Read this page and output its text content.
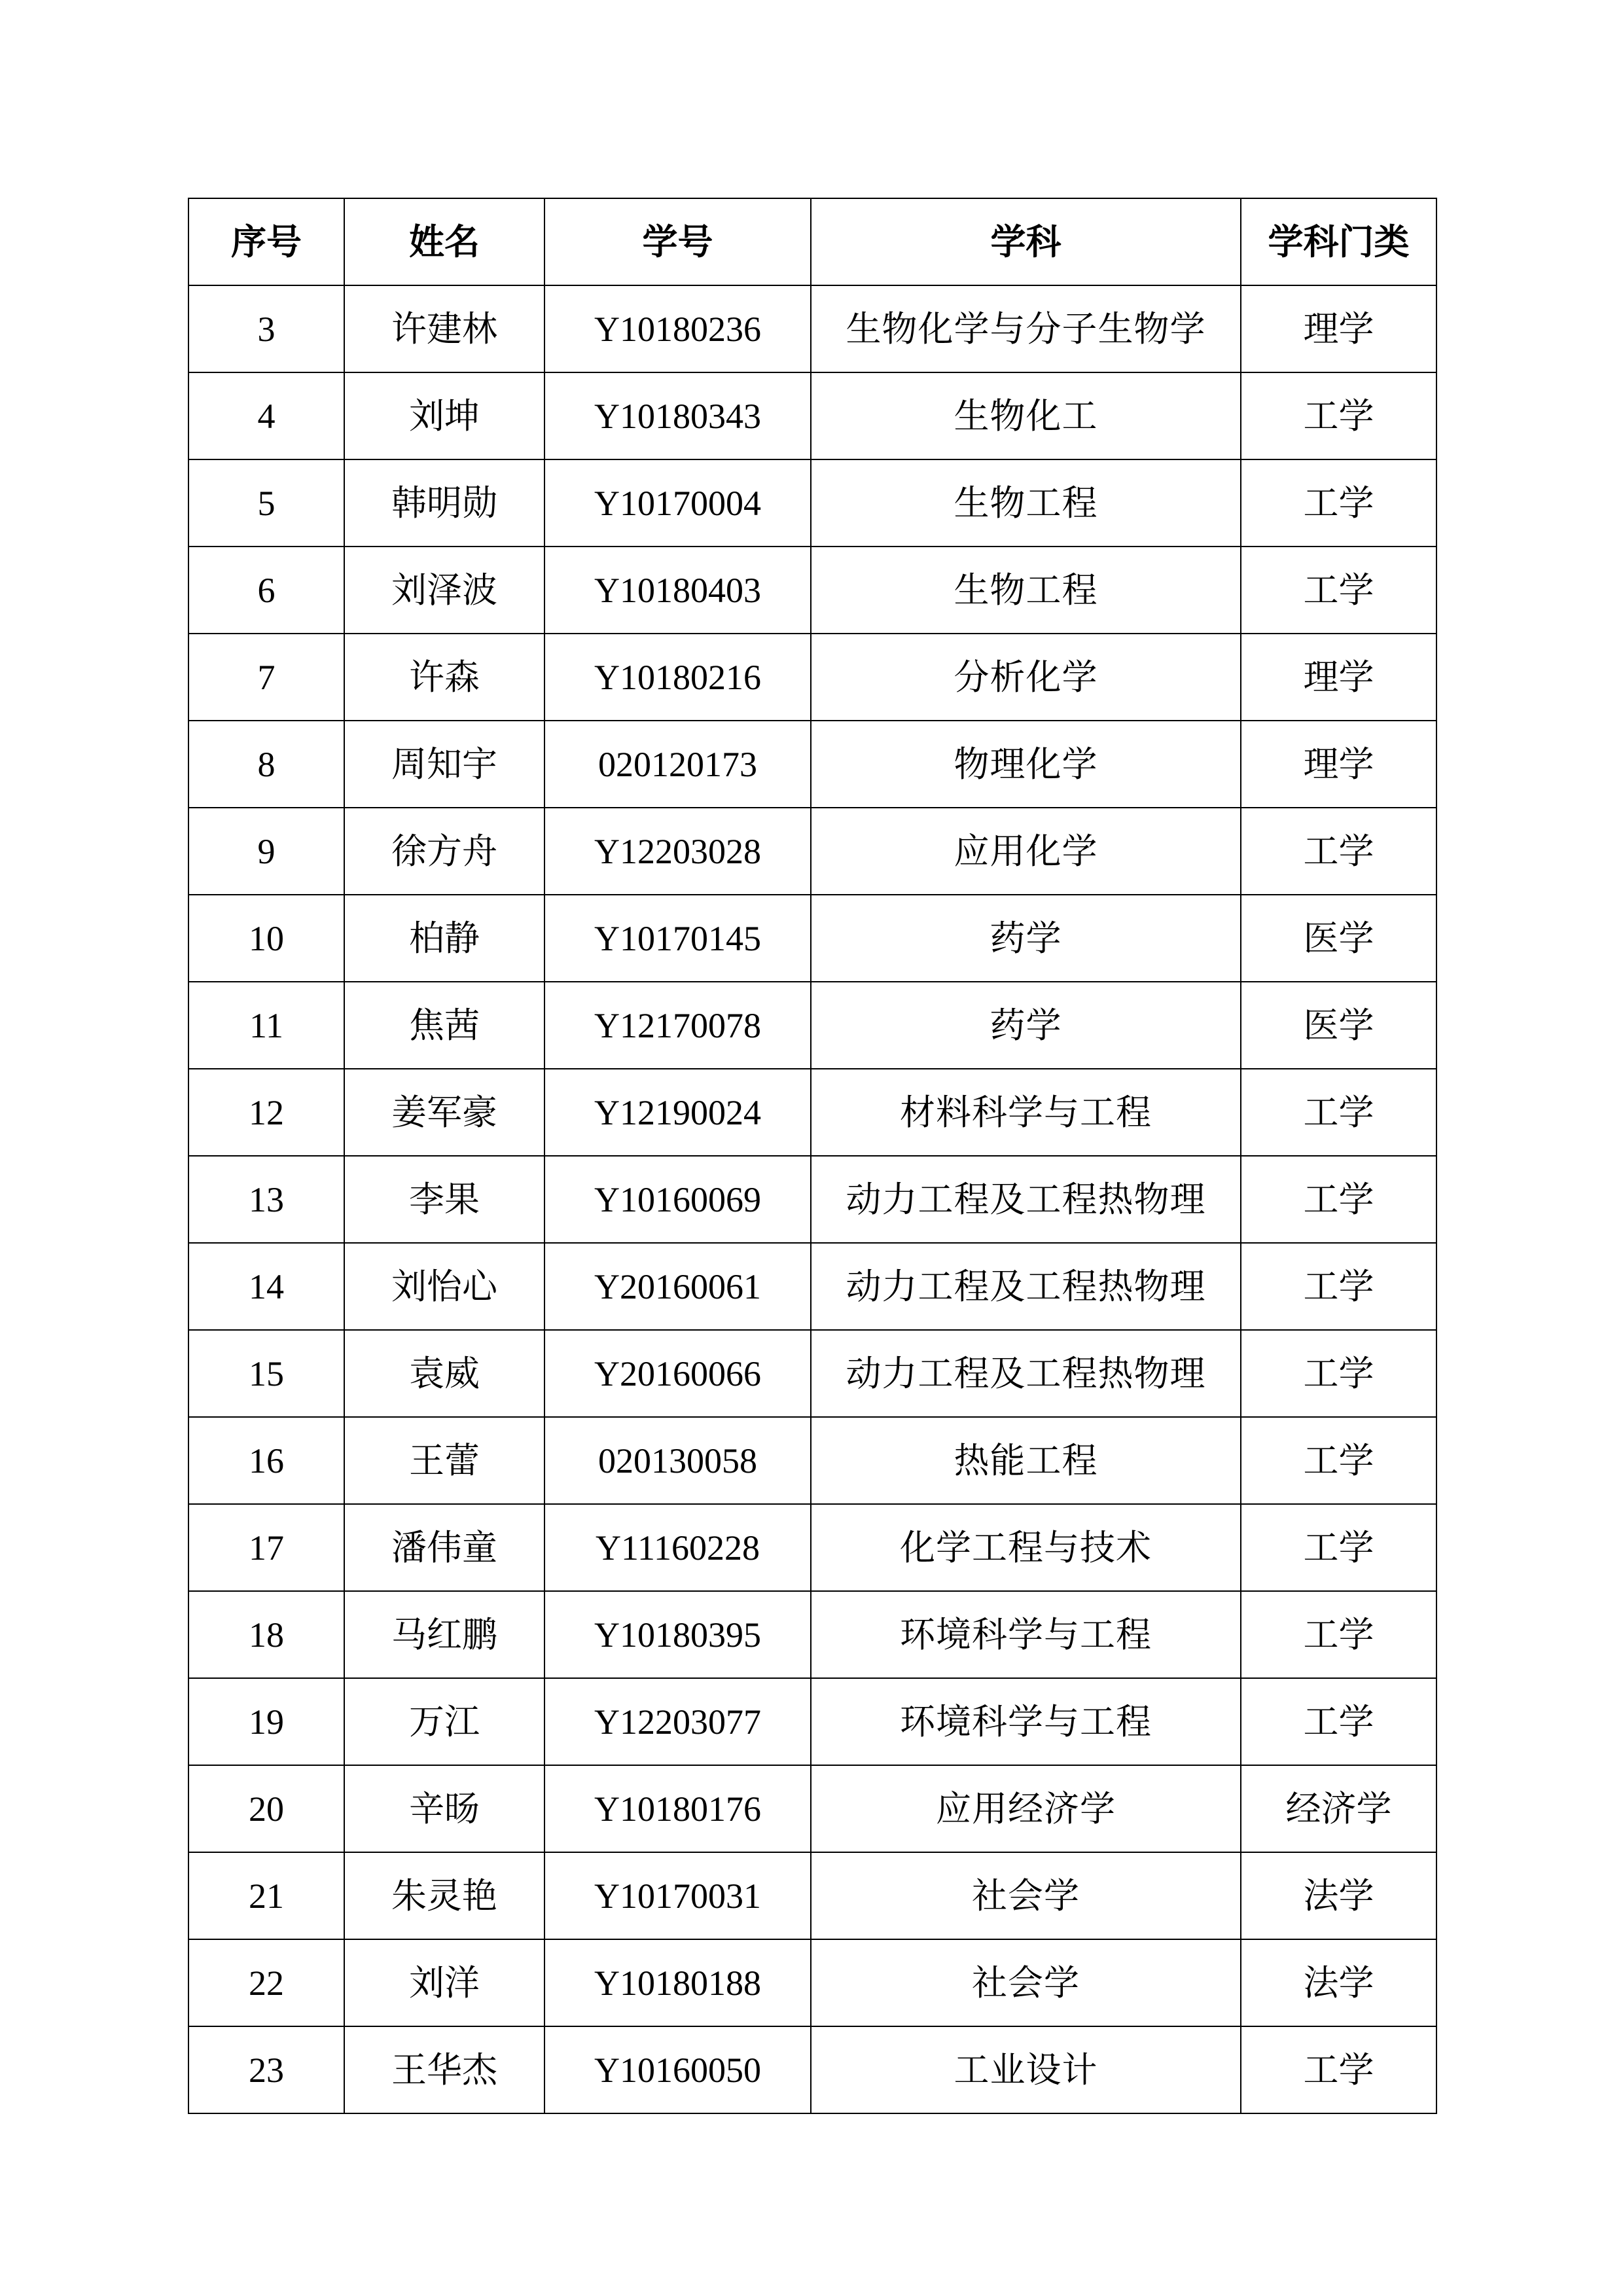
序号	姓名	学号	学科	学科门类
3	许建林	Y10180236	生物化学与分子生物学	理学
4	刘坤	Y10180343	生物化工	工学
5	韩明勋	Y10170004	生物工程	工学
6	刘泽波	Y10180403	生物工程	工学
7	许森	Y10180216	分析化学	理学
8	周知宇	020120173	物理化学	理学
9	徐方舟	Y12203028	应用化学	工学
10	柏静	Y10170145	药学	医学
11	焦茜	Y12170078	药学	医学
12	姜军豪	Y12190024	材料科学与工程	工学
13	李果	Y10160069	动力工程及工程热物理	工学
14	刘怡心	Y20160061	动力工程及工程热物理	工学
15	袁威	Y20160066	动力工程及工程热物理	工学
16	王蕾	020130058	热能工程	工学
17	潘伟童	Y11160228	化学工程与技术	工学
18	马红鹏	Y10180395	环境科学与工程	工学
19	万江	Y12203077	环境科学与工程	工学
20	辛旸	Y10180176	应用经济学	经济学
21	朱灵艳	Y10170031	社会学	法学
22	刘洋	Y10180188	社会学	法学
23	王华杰	Y10160050	工业设计	工学
